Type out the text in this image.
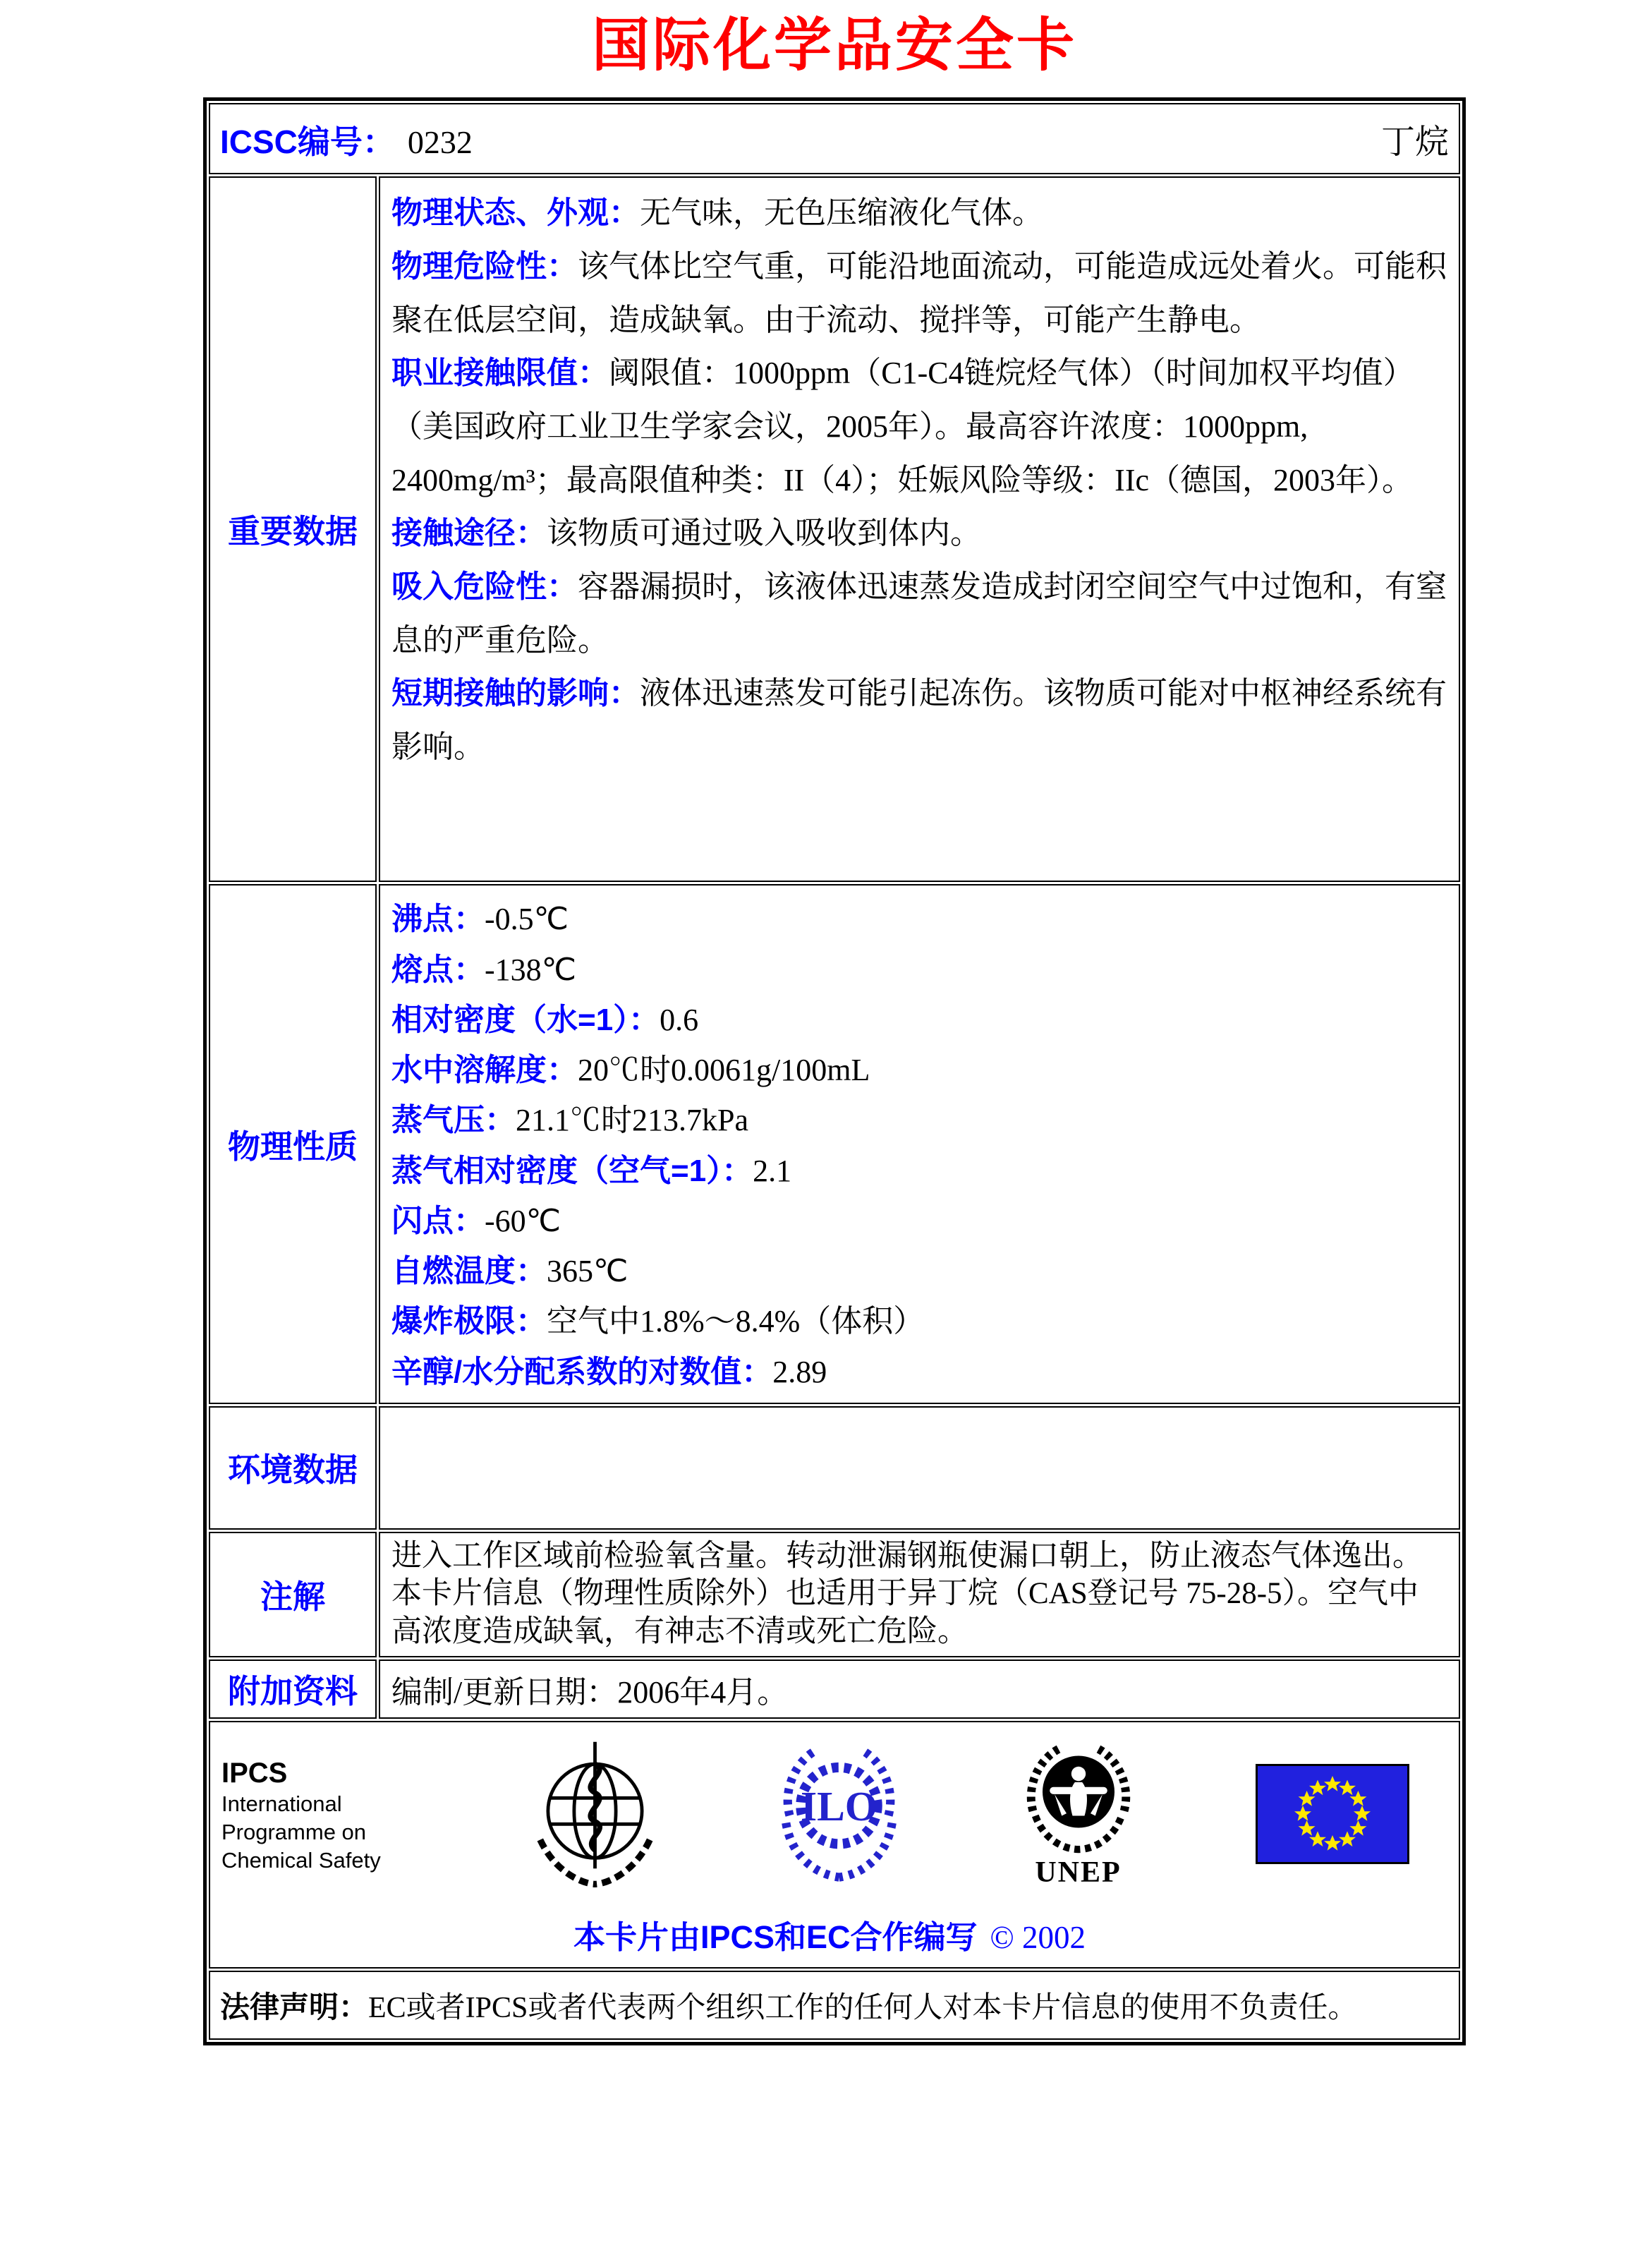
国际化学品安全卡
ICSC编号： 0232	丁烷
重要数据
物理状态、外观：无气味，无色压缩液化气体。
物理危险性：该气体比空气重，可能沿地面流动，可能造成远处着火。可能积聚在低层空间，造成缺氧。由于流动、搅拌等，可能产生静电。
职业接触限值：阈限值：1000ppm（C1-C4链烷烃气体）（时间加权平均值）（美国政府工业卫生学家会议，2005年）。最高容许浓度：1000ppm, 2400mg/m³；最高限值种类：II（4）；妊娠风险等级：IIc（德国，2003年）。
接触途径：该物质可通过吸入吸收到体内。
吸入危险性：容器漏损时，该液体迅速蒸发造成封闭空间空气中过饱和，有窒息的严重危险。
短期接触的影响：液体迅速蒸发可能引起冻伤。该物质可能对中枢神经系统有影响。
物理性质
沸点：-0.5℃
熔点：-138℃
相对密度（水=1）：0.6
水中溶解度：20℃时0.0061g/100mL
蒸气压：21.1℃时213.7kPa
蒸气相对密度（空气=1）：2.1
闪点：-60℃
自燃温度：365℃
爆炸极限：空气中1.8%～8.4%（体积）
辛醇/水分配系数的对数值：2.89
环境数据
注解
进入工作区域前检验氧含量。转动泄漏钢瓶使漏口朝上，防止液态气体逸出。本卡片信息（物理性质除外）也适用于异丁烷（CAS登记号 75-28-5）。空气中高浓度造成缺氧，有神志不清或死亡危险。
附加资料	编制/更新日期：2006年4月。
IPCS
International
Programme on
Chemical Safety
ILO
UNEP
本卡片由IPCS和EC合作编写 © 2002
法律声明： EC或者IPCS或者代表两个组织工作的任何人对本卡片信息的使用不负责任。
